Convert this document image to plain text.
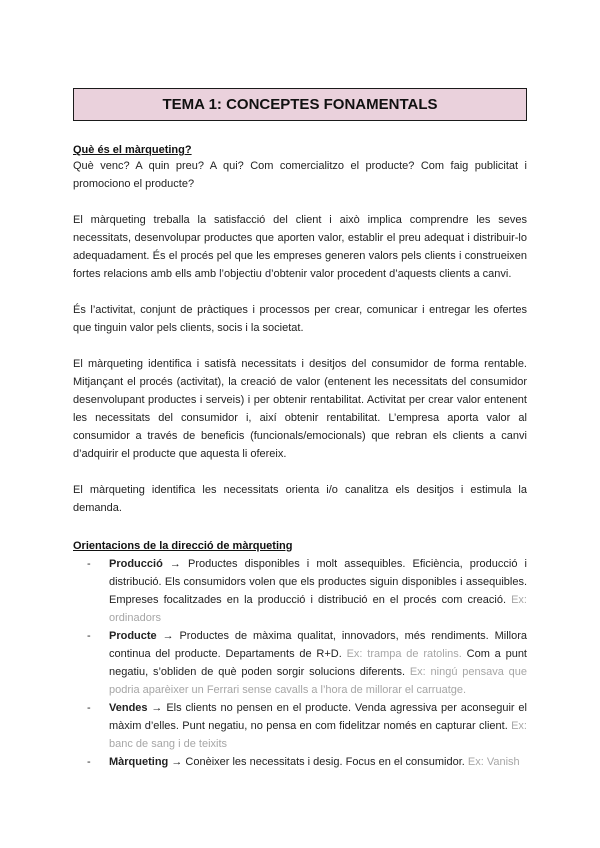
TEMA 1: CONCEPTES FONAMENTALS
Què és el màrqueting?

Què venc? A quin preu? A qui? Com comercialitzo el producte? Com faig publicitat i promociono el producte?

El màrqueting treballa la satisfacció del client i això implica comprendre les seves necessitats, desenvolupar productes que aporten valor, establir el preu adequat i distribuir-lo adequadament. És el procés pel que les empreses generen valors pels clients i construeixen fortes relacions amb ells amb l’objectiu d’obtenir valor procedent d’aquests clients a canvi.

És l’activitat, conjunt de pràctiques i processos per crear, comunicar i entregar les ofertes que tinguin valor pels clients, socis i la societat.

El màrqueting identifica i satisfà necessitats i desitjos del consumidor de forma rentable. Mitjançant el procés (activitat), la creació de valor (entenent les necessitats del consumidor desenvolupant productes i serveis) i per obtenir rentabilitat. Activitat per crear valor entenent les necessitats del consumidor i, així obtenir rentabilitat. L’empresa aporta valor al consumidor a través de beneficis (funcionals/emocionals) que rebran els clients a canvi d’adquirir el producte que aquesta li ofereix.

El màrqueting identifica les necessitats orienta i/o canalitza els desitjos i estimula la demanda.

Orientacions de la direcció de màrqueting
- Producció → Productes disponibles i molt assequibles. Eficiència, producció i distribució. Els consumidors volen que els productes siguin disponibles i assequibles. Empreses focalitzades en la producció i distribució en el procés com creació. Ex: ordinadors
- Producte → Productes de màxima qualitat, innovadors, més rendiments. Millora continua del producte. Departaments de R+D. Ex: trampa de ratolins. Com a punt negatiu, s’obliden de què poden sorgir solucions diferents. Ex: ningú pensava que podria aparèixer un Ferrari sense cavalls a l’hora de millorar el carruatge.
- Vendes → Els clients no pensen en el producte. Venda agressiva per aconseguir el màxim d’elles. Punt negatiu, no pensa en com fidelitzar només en capturar client. Ex: banc de sang i de teixits
- Màrqueting → Conèixer les necessitats i desig. Focus en el consumidor. Ex: Vanish
